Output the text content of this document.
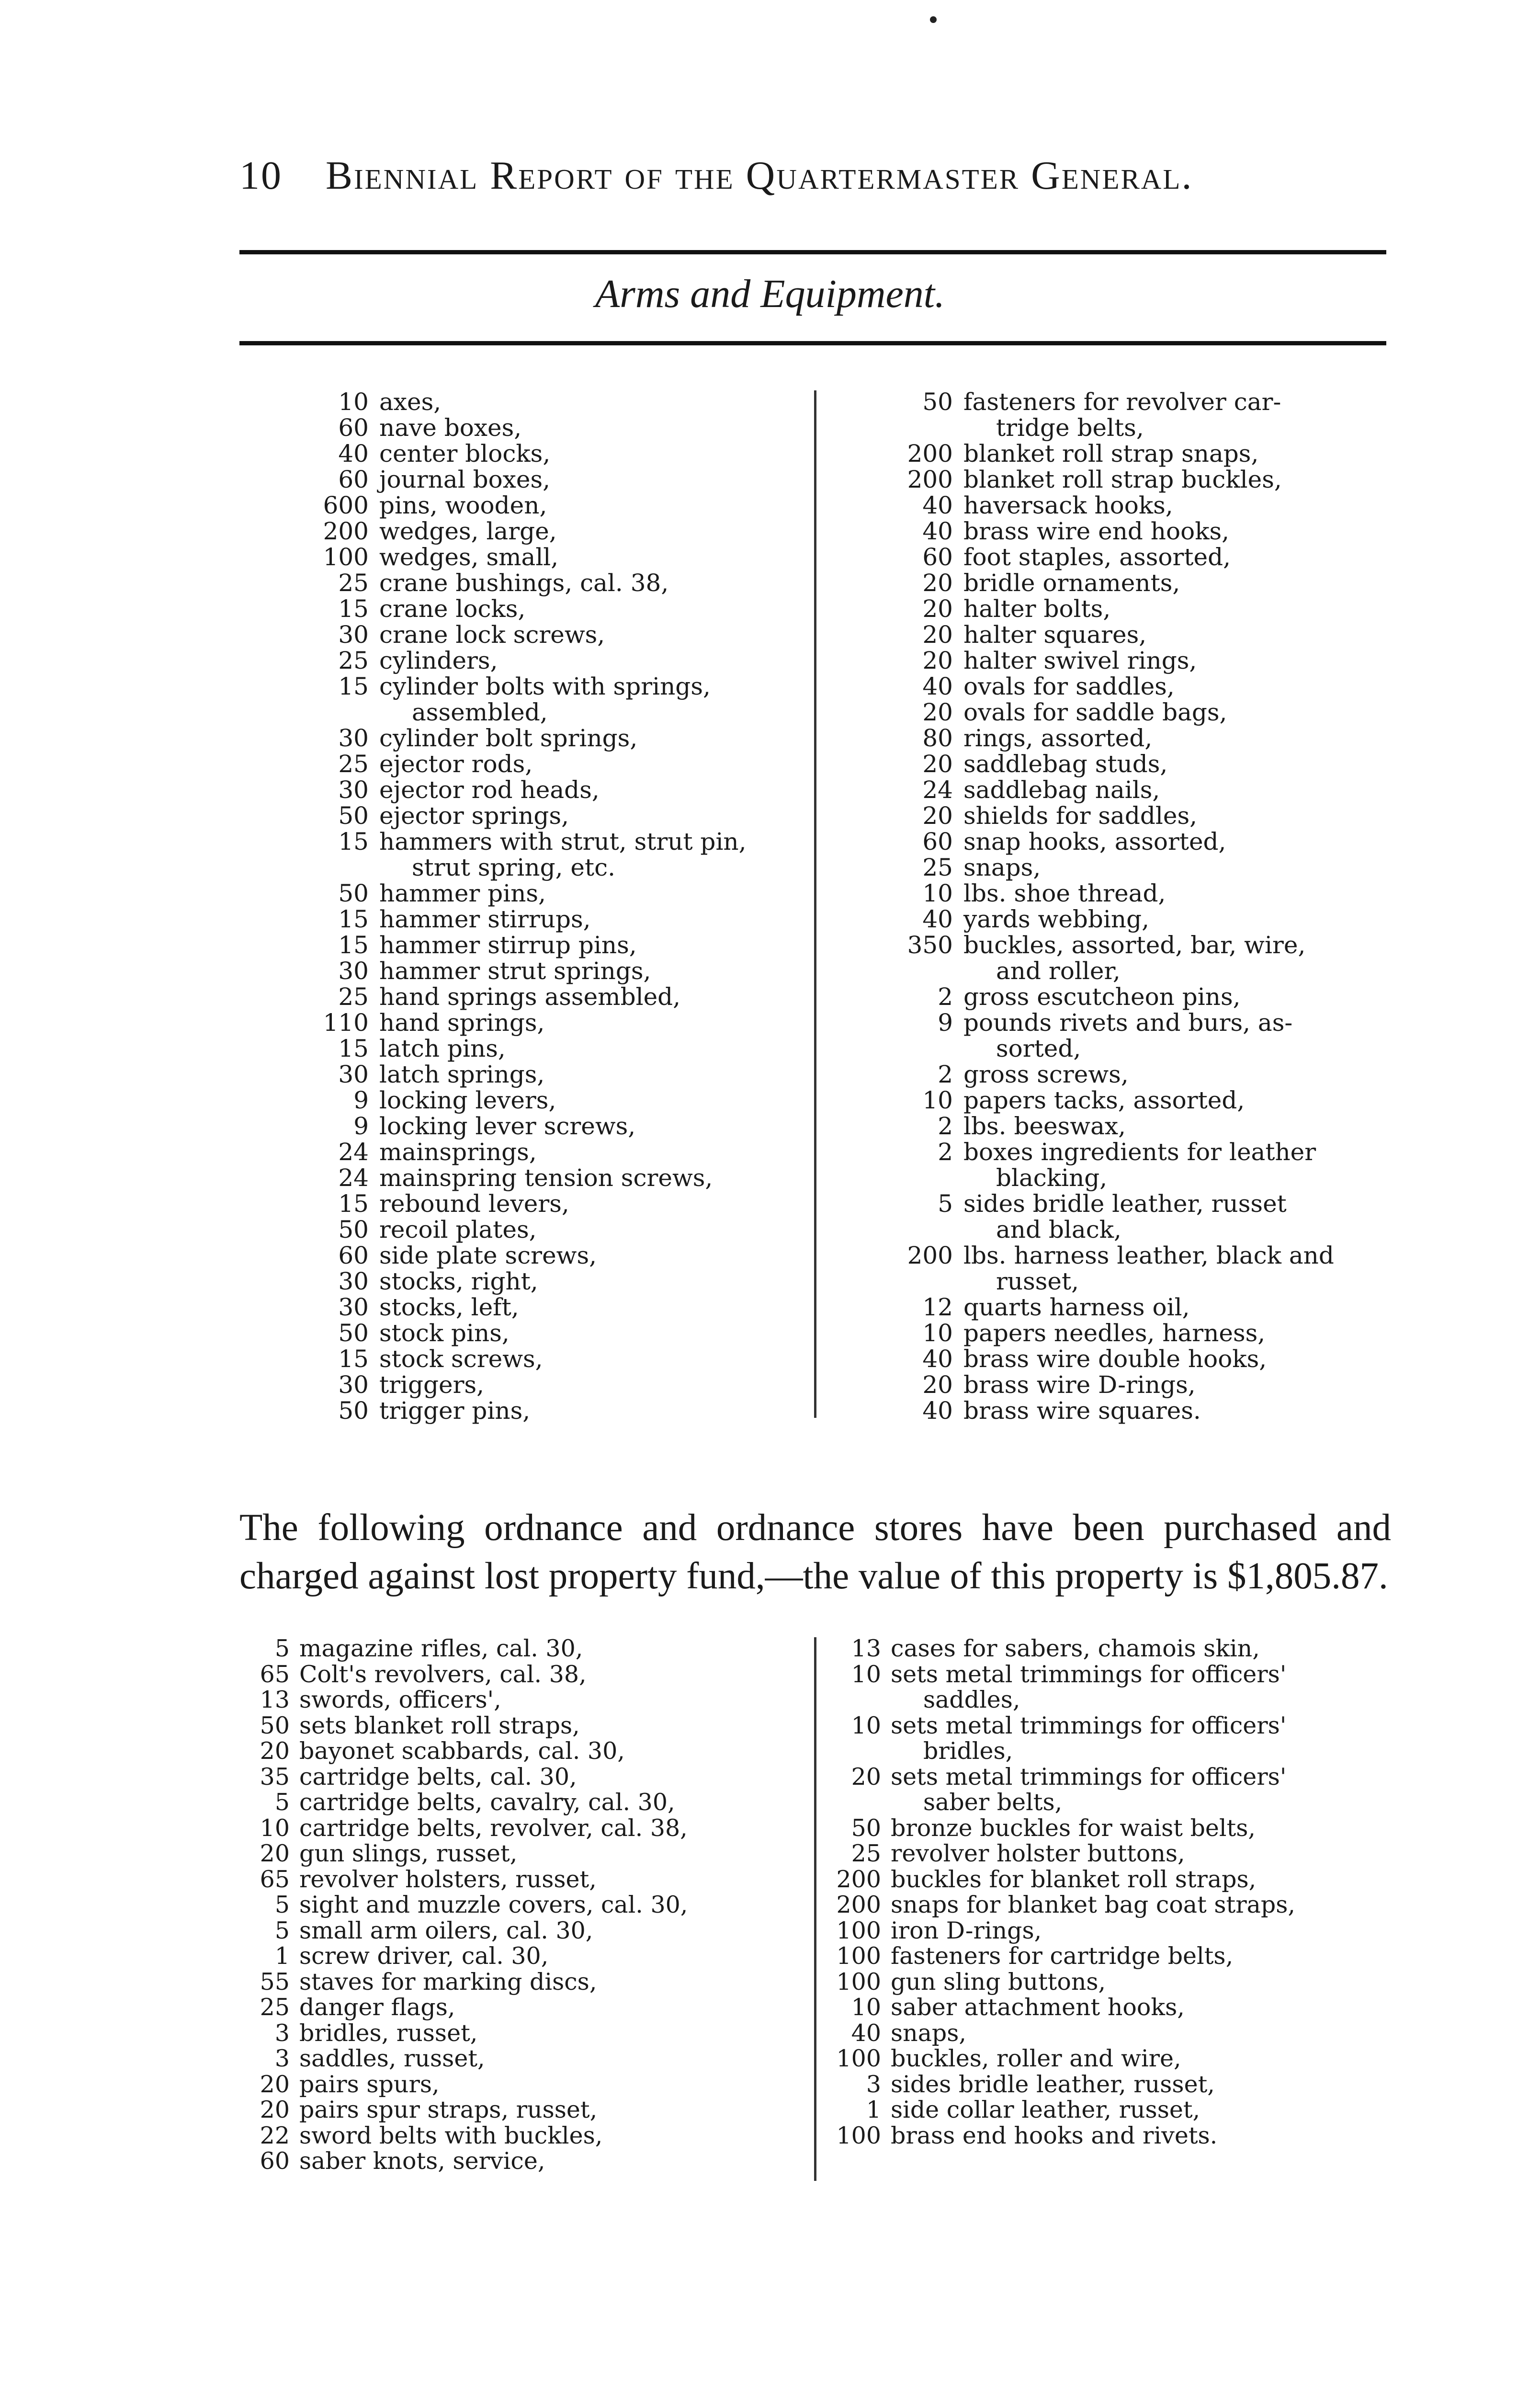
10 Biennial Report of the Quartermaster General.
Arms and Equipment.
10 axes,
60 nave boxes,
40 center blocks,
60 journal boxes,
600 pins, wooden,
200 wedges, large,
100 wedges, small,
25 crane bushings, cal. 38,
15 crane locks,
30 crane lock screws,
25 cylinders,
15 cylinder bolts with springs,
assembled,
30 cylinder bolt springs,
25 ejector rods,
30 ejector rod heads,
50 ejector springs,
15 hammers with strut, strut pin,
strut spring, etc.
50 hammer pins,
15 hammer stirrups,
15 hammer stirrup pins,
30 hammer strut springs,
25 hand springs assembled,
110 hand springs,
15 latch pins,
30 latch springs,
9 locking levers,
9 locking lever screws,
24 mainsprings,
24 mainspring tension screws,
15 rebound levers,
50 recoil plates,
60 side plate screws,
30 stocks, right,
30 stocks, left,
50 stock pins,
15 stock screws,
30 triggers,
50 trigger pins,
50 fasteners for revolver car-
tridge belts,
200 blanket roll strap snaps,
200 blanket roll strap buckles,
40 haversack hooks,
40 brass wire end hooks,
60 foot staples, assorted,
20 bridle ornaments,
20 halter bolts,
20 halter squares,
20 halter swivel rings,
40 ovals for saddles,
20 ovals for saddle bags,
80 rings, assorted,
20 saddlebag studs,
24 saddlebag nails,
20 shields for saddles,
60 snap hooks, assorted,
25 snaps,
10 lbs. shoe thread,
40 yards webbing,
350 buckles, assorted, bar, wire,
and roller,
2 gross escutcheon pins,
9 pounds rivets and burs, as-
sorted,
2 gross screws,
10 papers tacks, assorted,
2 lbs. beeswax,
2 boxes ingredients for leather
blacking,
5 sides bridle leather, russet
and black,
200 lbs. harness leather, black and
russet,
12 quarts harness oil,
10 papers needles, harness,
40 brass wire double hooks,
20 brass wire D-rings,
40 brass wire squares.

The following ordnance and ordnance stores have been purchased and charged against lost property fund,—the value of this property is $1,805.87.

5 magazine rifles, cal. 30,
65 Colt's revolvers, cal. 38,
13 swords, officers',
50 sets blanket roll straps,
20 bayonet scabbards, cal. 30,
35 cartridge belts, cal. 30,
5 cartridge belts, cavalry, cal. 30,
10 cartridge belts, revolver, cal. 38,
20 gun slings, russet,
65 revolver holsters, russet,
5 sight and muzzle covers, cal. 30,
5 small arm oilers, cal. 30,
1 screw driver, cal. 30,
55 staves for marking discs,
25 danger flags,
3 bridles, russet,
3 saddles, russet,
20 pairs spurs,
20 pairs spur straps, russet,
22 sword belts with buckles,
60 saber knots, service,
13 cases for sabers, chamois skin,
10 sets metal trimmings for officers'
saddles,
10 sets metal trimmings for officers'
bridles,
20 sets metal trimmings for officers'
saber belts,
50 bronze buckles for waist belts,
25 revolver holster buttons,
200 buckles for blanket roll straps,
200 snaps for blanket bag coat straps,
100 iron D-rings,
100 fasteners for cartridge belts,
100 gun sling buttons,
10 saber attachment hooks,
40 snaps,
100 buckles, roller and wire,
3 sides bridle leather, russet,
1 side collar leather, russet,
100 brass end hooks and rivets.
